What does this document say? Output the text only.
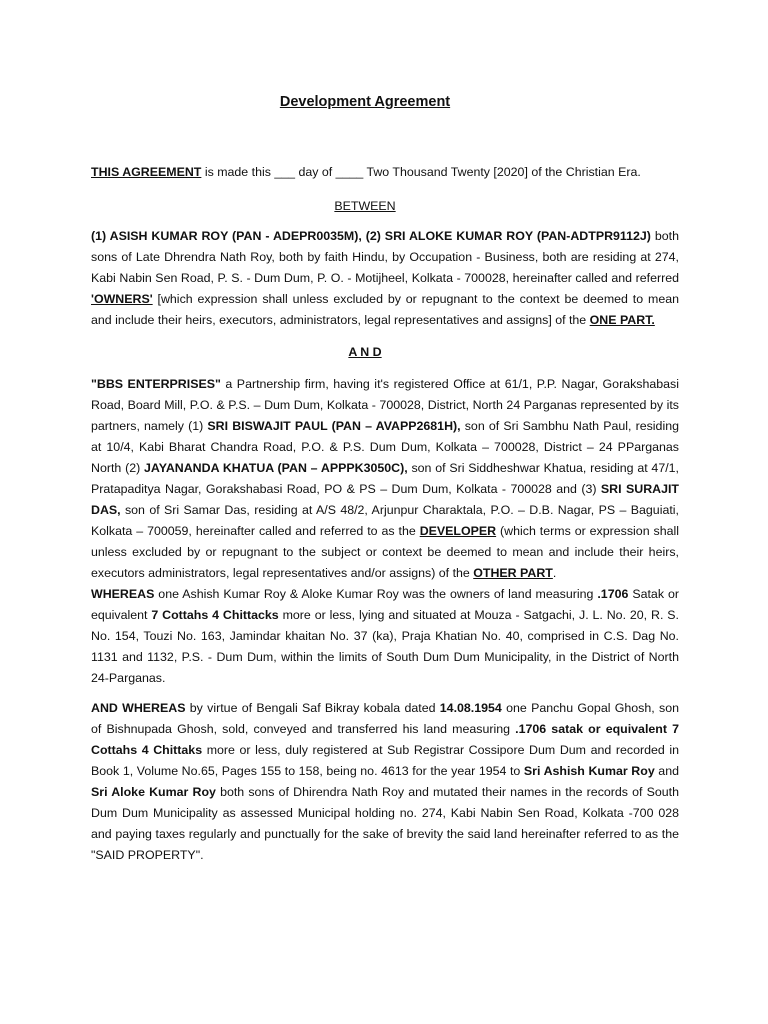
Development Agreement
THIS AGREEMENT is made this ___ day of ____ Two Thousand Twenty [2020] of the Christian Era.
BETWEEN
(1) ASISH KUMAR ROY (PAN - ADEPR0035M), (2) SRI ALOKE KUMAR ROY (PAN-ADTPR9112J) both sons of Late Dhrendra Nath Roy, both by faith Hindu, by Occupation - Business, both are residing at 274, Kabi Nabin Sen Road, P. S. - Dum Dum, P. O. - Motijheel, Kolkata - 700028, hereinafter called and referred 'OWNERS' [which expression shall unless excluded by or repugnant to the context be deemed to mean and include their heirs, executors, administrators, legal representatives and assigns] of the ONE PART.
A N D
"BBS ENTERPRISES" a Partnership firm, having it's registered Office at 61/1, P.P. Nagar, Gorakshabasi Road, Board Mill, P.O. & P.S. – Dum Dum, Kolkata - 700028, District, North 24 Parganas represented by its partners, namely (1) SRI BISWAJIT PAUL (PAN – AVAPP2681H), son of Sri Sambhu Nath Paul, residing at 10/4, Kabi Bharat Chandra Road, P.O. & P.S. Dum Dum, Kolkata – 700028, District – 24 PParganas North (2) JAYANANDA KHATUA (PAN – APPPK3050C), son of Sri Siddheshwar Khatua, residing at 47/1, Pratapaditya Nagar, Gorakshabasi Road, PO & PS – Dum Dum, Kolkata - 700028 and (3) SRI SURAJIT DAS, son of Sri Samar Das, residing at A/S 48/2, Arjunpur Charaktala, P.O. – D.B. Nagar, PS – Baguiati, Kolkata – 700059, hereinafter called and referred to as the DEVELOPER (which terms or expression shall unless excluded by or repugnant to the subject or context be deemed to mean and include their heirs, executors administrators, legal representatives and/or assigns) of the OTHER PART.
WHEREAS one Ashish Kumar Roy & Aloke Kumar Roy was the owners of land measuring .1706 Satak or equivalent 7 Cottahs 4 Chittacks more or less, lying and situated at Mouza - Satgachi, J. L. No. 20, R. S. No. 154, Touzi No. 163, Jamindar khaitan No. 37 (ka), Praja Khatian No. 40, comprised in C.S. Dag No. 1131 and 1132, P.S. - Dum Dum, within the limits of South Dum Dum Municipality, in the District of North 24-Parganas.
AND WHEREAS by virtue of Bengali Saf Bikray kobala dated 14.08.1954 one Panchu Gopal Ghosh, son of Bishnupada Ghosh, sold, conveyed and transferred his land measuring .1706 satak or equivalent 7 Cottahs 4 Chittaks more or less, duly registered at Sub Registrar Cossipore Dum Dum and recorded in Book 1, Volume No.65, Pages 155 to 158, being no. 4613 for the year 1954 to Sri Ashish Kumar Roy and Sri Aloke Kumar Roy both sons of Dhirendra Nath Roy and mutated their names in the records of South Dum Dum Municipality as assessed Municipal holding no. 274, Kabi Nabin Sen Road, Kolkata -700 028 and paying taxes regularly and punctually for the sake of brevity the said land hereinafter referred to as the "SAID PROPERTY".
